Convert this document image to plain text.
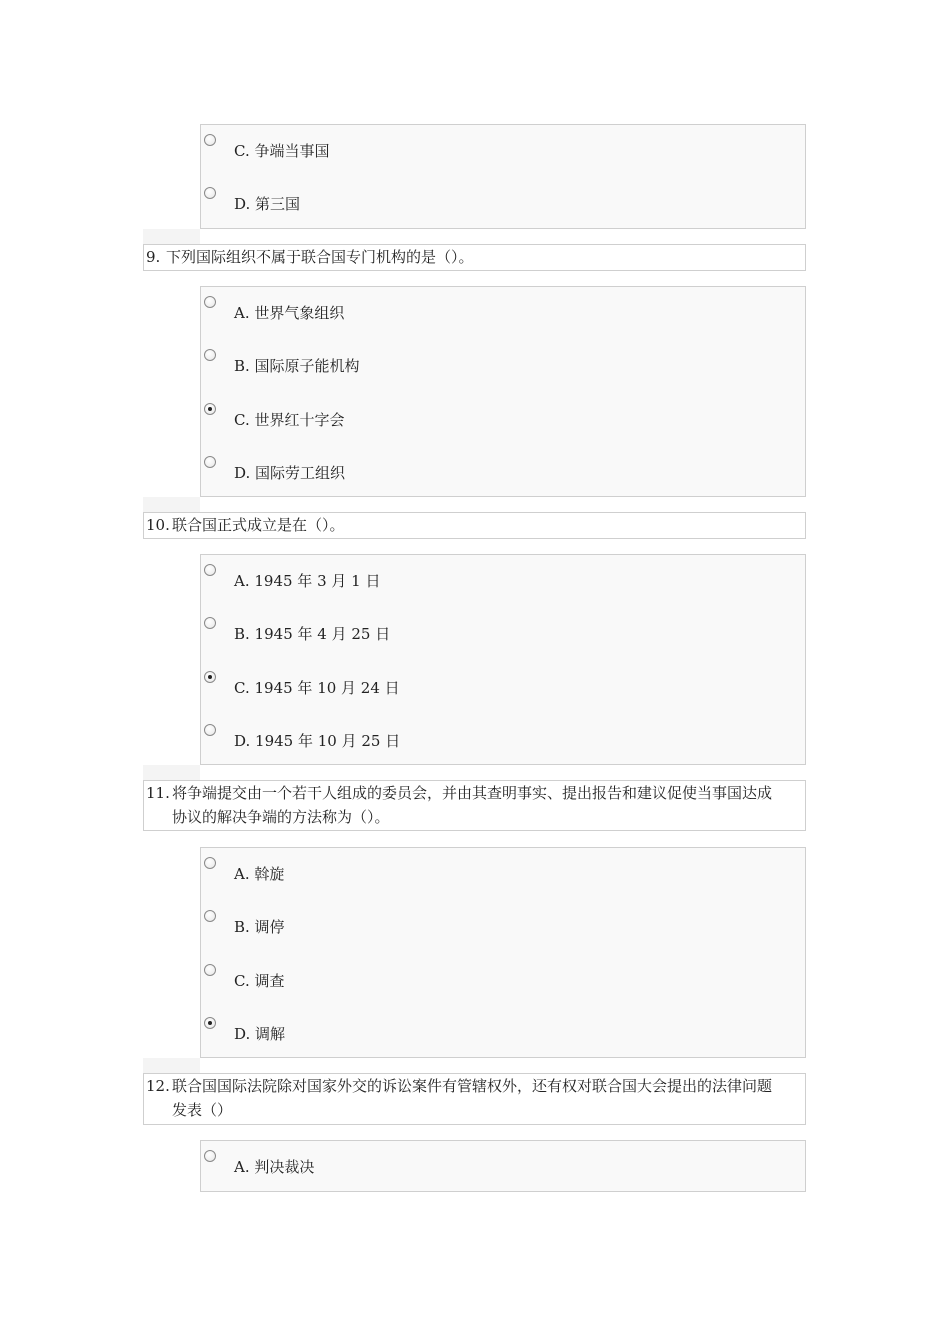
C. 争端当事国
D. 第三国
9. 下列国际组织不属于联合国专门机构的是（）。
A. 世界气象组织
B. 国际原子能机构
C. 世界红十字会
D. 国际劳工组织
10. 联合国正式成立是在（）。
A. 1945 年 3 月 1 日
B. 1945 年 4 月 25 日
C. 1945 年 10 月 24 日
D. 1945 年 10 月 25 日
11. 将争端提交由一个若干人组成的委员会，并由其查明事实、提出报告和建议促使当事国达成
协议的解决争端的方法称为（）。
A. 斡旋
B. 调停
C. 调查
D. 调解
12. 联合国国际法院除对国家外交的诉讼案件有管辖权外，还有权对联合国大会提出的法律问题
发表（）
A. 判决裁决
